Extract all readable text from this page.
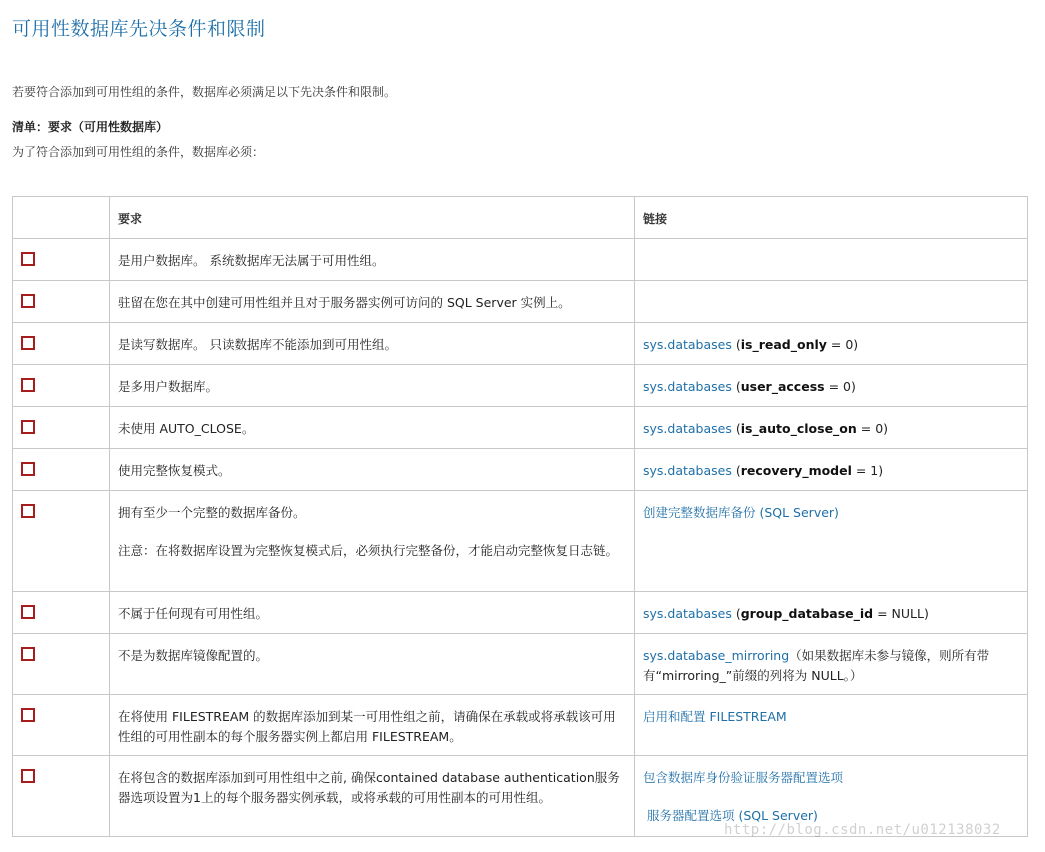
可用性数据库先决条件和限制
若要符合添加到可用性组的条件，数据库必须满足以下先决条件和限制。
清单：要求（可用性数据库）
为了符合添加到可用性组的条件，数据库必须：
	要求	链接
	是用户数据库。 系统数据库无法属于可用性组。	
	驻留在您在其中创建可用性组并且对于服务器实例可访问的 SQL Server 实例上。	
	是读写数据库。 只读数据库不能添加到可用性组。	sys.databases (is_read_only = 0)
	是多用户数据库。	sys.databases (user_access = 0)
	未使用 AUTO_CLOSE。	sys.databases (is_auto_close_on = 0)
	使用完整恢复模式。	sys.databases (recovery_model = 1)

	拥有至少一个完整的数据库备份。
注意：在将数据库设置为完整恢复模式后，必须执行完整备份，才能启动完整恢复日志链。	创建完整数据库备份 (SQL Server)
	不属于任何现有可用性组。	sys.databases (group_database_id = NULL)
	不是为数据库镜像配置的。	sys.database_mirroring（如果数据库未参与镜像，则所有带有“mirroring_”前缀的列将为 NULL。）
	在将使用 FILESTREAM 的数据库添加到某一可用性组之前，请确保在承载或将承载该可用性组的可用性副本的每个服务器实例上都启用 FILESTREAM。	启用和配置 FILESTREAM
	在将包含的数据库添加到可用性组中之前, 确保contained database authentication服务器选项设置为1上的每个服务器实例承载，或将承载的可用性副本的可用性组。	包含数据库身份验证服务器配置选项
服务器配置选项 (SQL Server)
http://blog.csdn.net/u012138032
